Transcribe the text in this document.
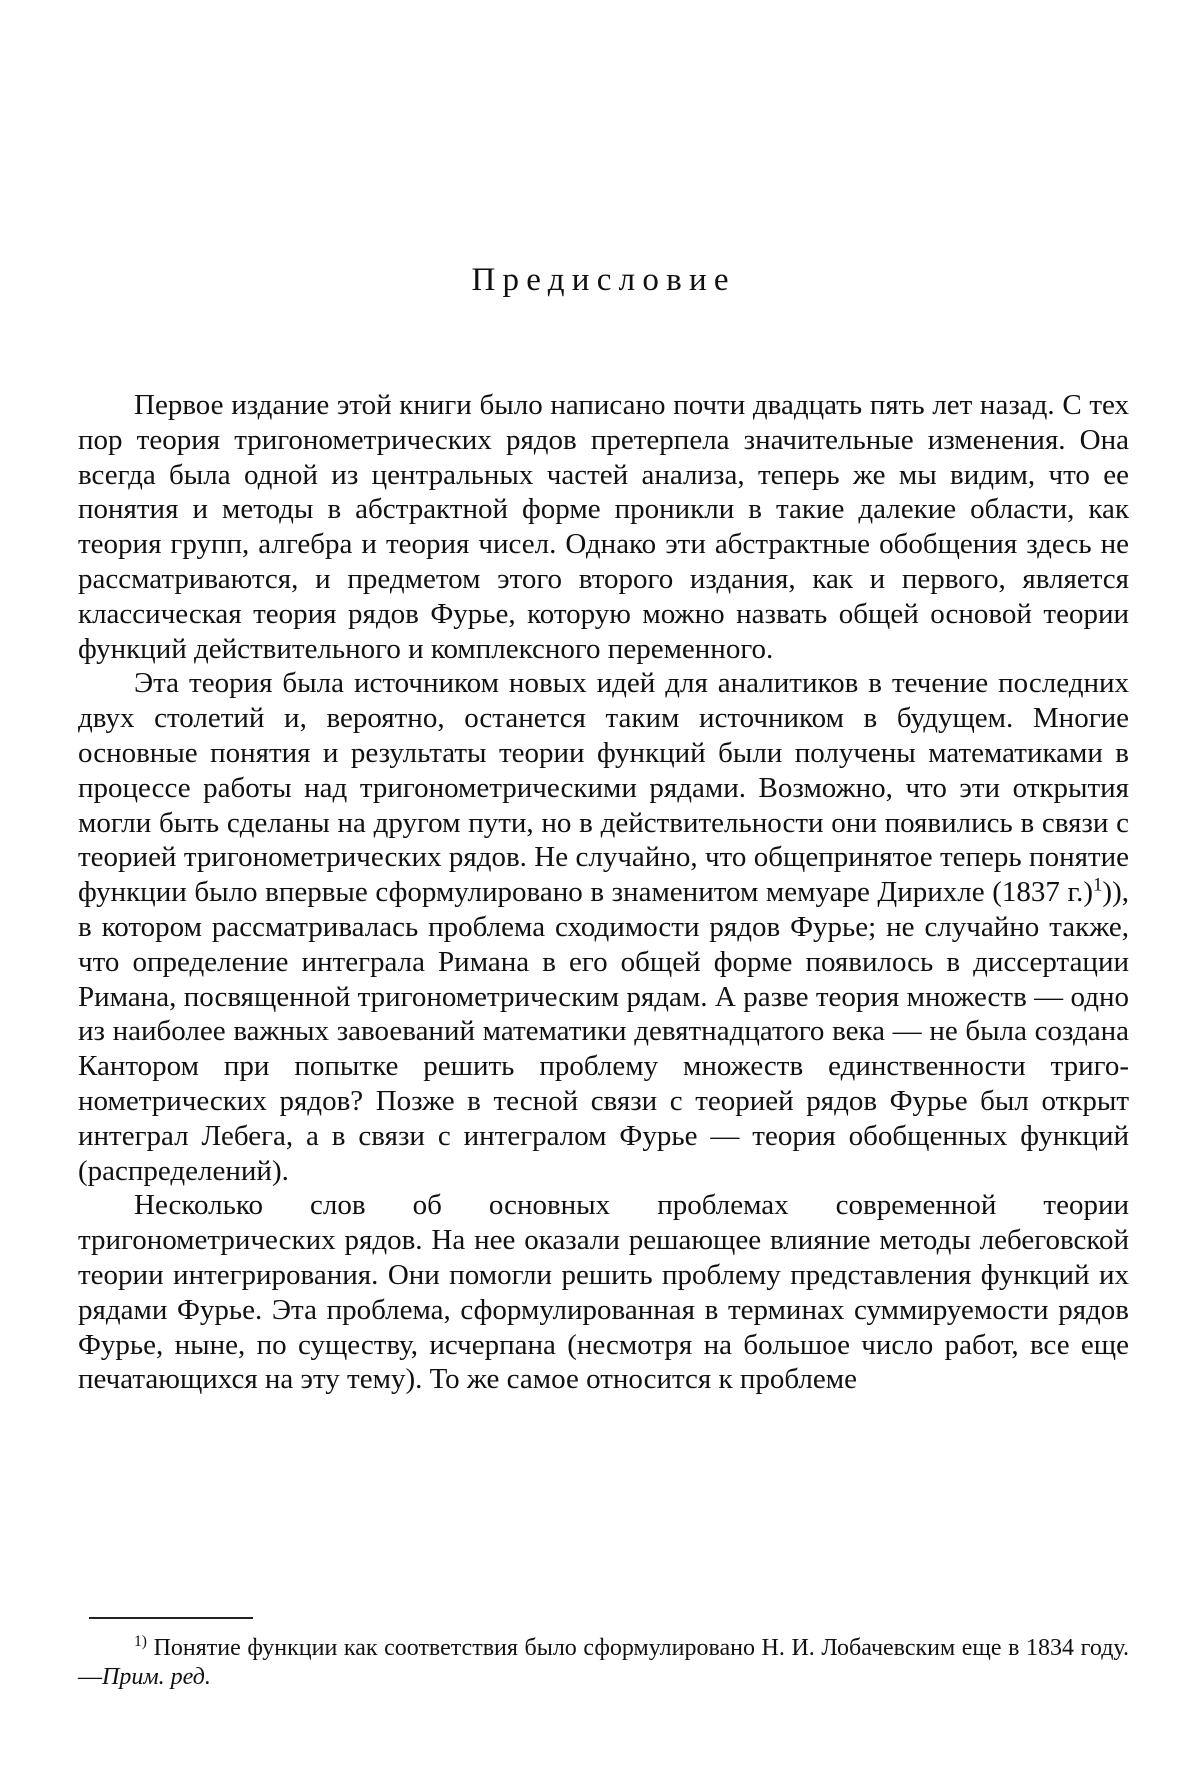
Предисловие

Первое издание этой книги было написано почти двадцать пять лет назад. С тех пор теория тригонометрических рядов претерпела значительные изменения. Она всегда была одной из центральных частей анализа, теперь же мы видим, что ее понятия и методы в абстрактной форме проникли в такие далекие области, как теория групп, алгебра и теория чисел. Однако эти абстрактные обобщения здесь не рассматриваются, и предметом этого второго издания, как и первого, является классическая теория рядов Фурье, которую можно назвать общей основой теории функций действительного и комплексного переменного.

Эта теория была источником новых идей для аналитиков в течение последних двух столетий и, вероятно, останется таким источником в будущем. Многие основные понятия и результаты теории функций были получены математиками в процессе работы над тригонометрическими рядами. Возможно, что эти открытия могли быть сделаны на другом пути, но в действительности они появились в связи с теорией тригонометрических рядов. Не случайно, что общепринятое теперь понятие функции было впервые сформулировано в знаменитом мемуаре Дирихле (1837 г.)$^1$)), в котором рассматривалась проблема сходимости рядов Фурье; не случайно также, что определение интеграла Римана в его общей форме появилось в диссертации Римана, посвященной тригонометрическим рядам. А разве теория множеств — одно из наиболее важных завоеваний математики девятнадцатого века — не была создана Кантором при попытке решить проблему множеств единственности тригонометрических рядов? Позже в тесной связи с теорией рядов Фурье был открыт интеграл Лебега, а в связи с интегралом Фурье — теория обобщенных функций (распределений).

Несколько слов об основных проблемах современной теории тригонометрических рядов. На нее оказали решающее влияние методы лебеговской теории интегрирования. Они помогли решить проблему представления функций их рядами Фурье. Эта проблема, сформулированная в терминах суммируемости рядов Фурье, ныне, по существу, исчерпана (несмотря на большое число работ, все еще печатающихся на эту тему). То же самое относится к проблеме

$^{1)}$ Понятие функции как соответствия было сформулировано Н. И. Лобачевским еще в 1834 году.—Прим. ред.
